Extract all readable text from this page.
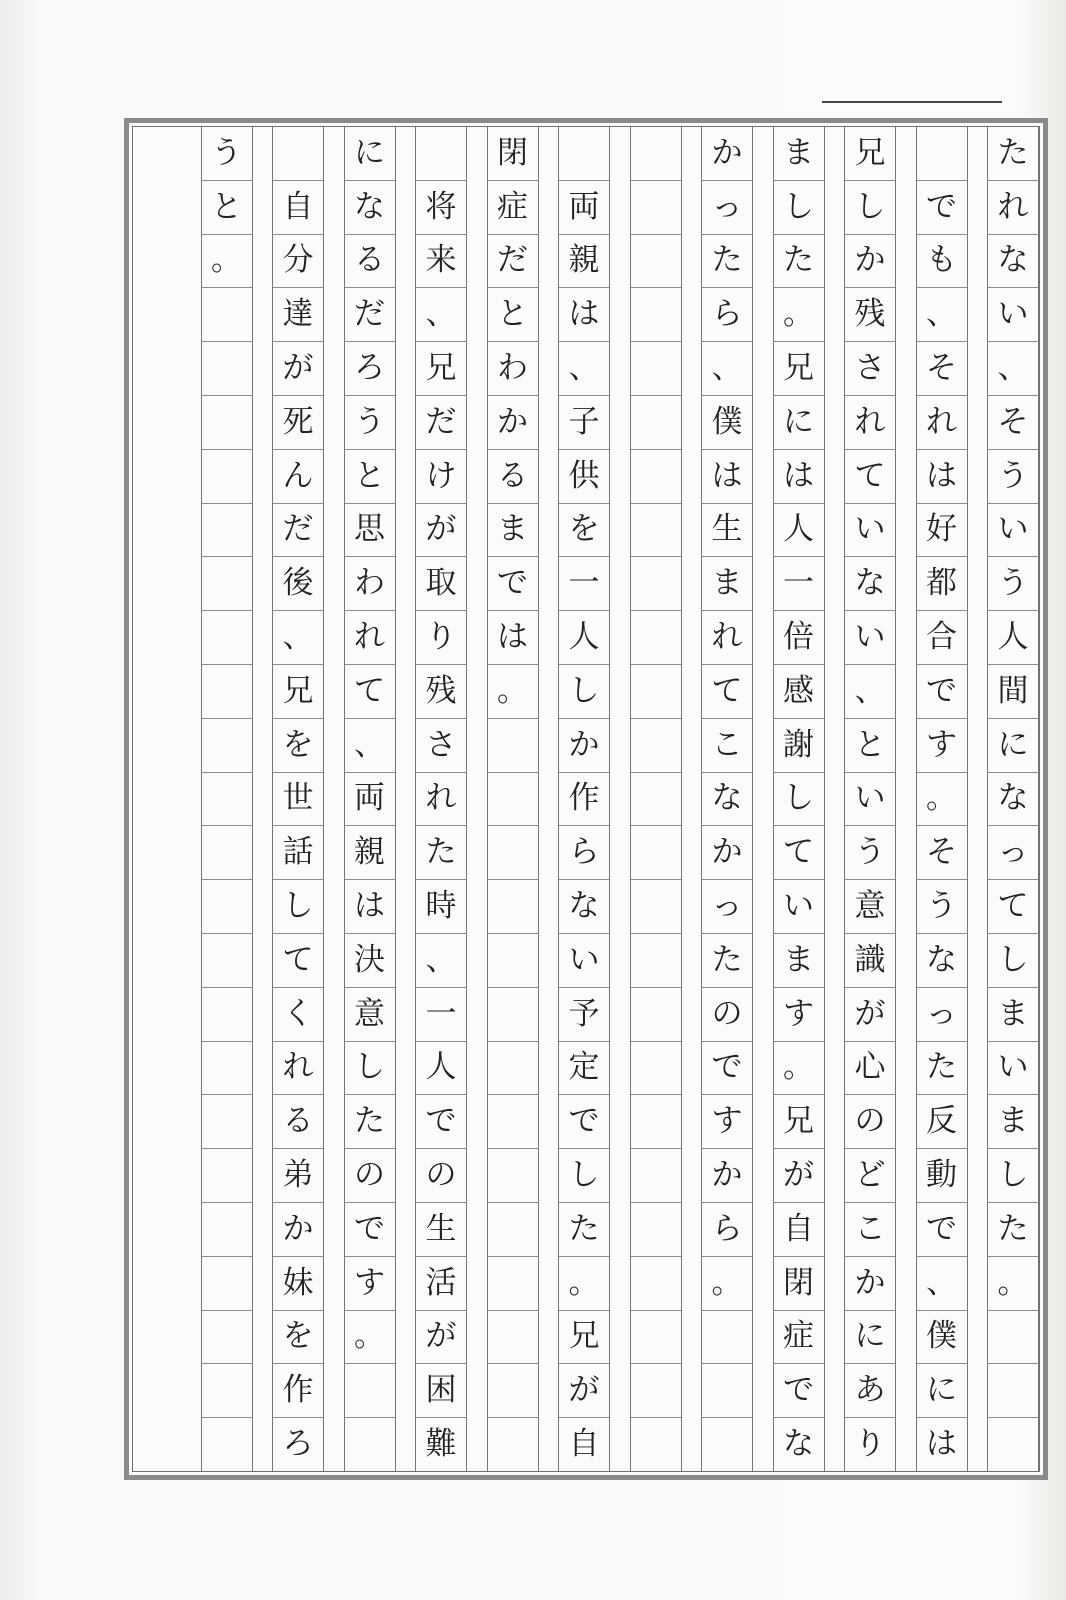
た
れ
な
い
、
そ
う
い
う
人
間
に
な
っ
て
し
ま
い
ま
し
た
。

で
も
、
そ
れ
は
好
都
合
で
す
。
そ
う
な
っ
た
反
動
で
、
僕
に
は
兄
し
か
残
さ
れ
て
い
な
い
、
と
い
う
意
識
が
心
の
ど
こ
か
に
あ
り
ま
し
た
。
兄
に
は
人
一
倍
感
謝
し
て
い
ま
す
。
兄
が
自
閉
症
で
な
か
っ
た
ら
、
僕
は
生
ま
れ
て
こ
な
か
っ
た
の
で
す
か
ら
。

両
親
は
、
子
供
を
一
人
し
か
作
ら
な
い
予
定
で
し
た
。
兄
が
自
閉
症
だ
と
わ
か
る
ま
で
は
。

将
来
、
兄
だ
け
が
取
り
残
さ
れ
た
時
、
一
人
で
の
生
活
が
困
難
に
な
る
だ
ろ
う
と
思
わ
れ
て
、
両
親
は
決
意
し
た
の
で
す
。

自
分
達
が
死
ん
だ
後
、
兄
を
世
話
し
て
く
れ
る
弟
か
妹
を
作
ろ
う
と
。
